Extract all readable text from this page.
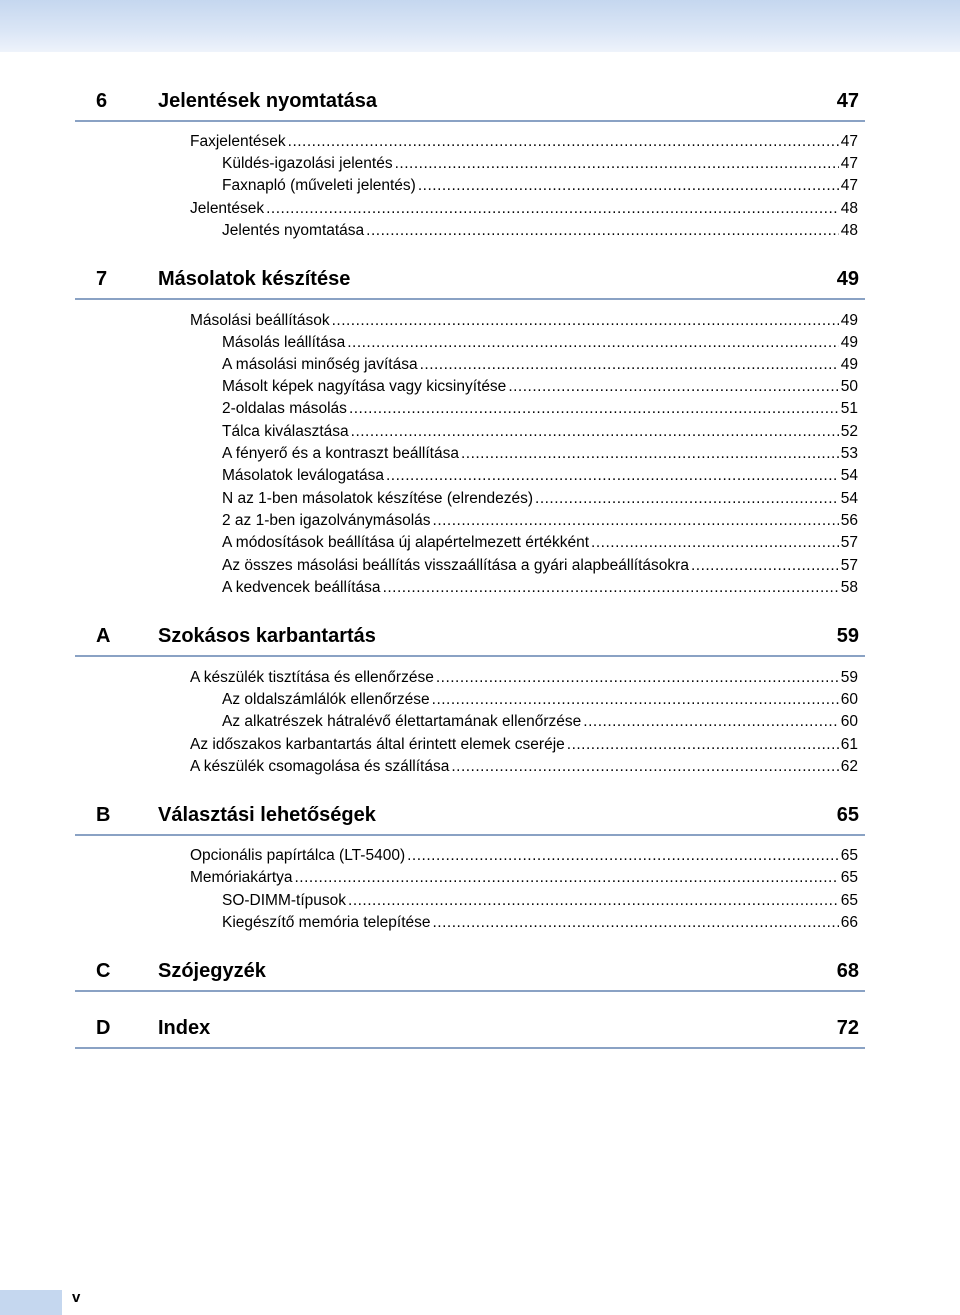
6	Jelentések nyomtatása	47
Faxjelentések .....	47
Küldés-igazolási jelentés .....	47
Faxnapló (műveleti jelentés) .....	47
Jelentések .....	48
Jelentés nyomtatása .....	48
7	Másolatok készítése	49
Másolási beállítások .....	49
Másolás leállítása .....	49
A másolási minőség javítása .....	49
Másolt képek nagyítása vagy kicsinyítése .....	50
2-oldalas másolás .....	51
Tálca kiválasztása .....	52
A fényerő és a kontraszt beállítása .....	53
Másolatok leválogatása .....	54
N az 1-ben másolatok készítése (elrendezés) .....	54
2 az 1-ben igazolványmásolás .....	56
A módosítások beállítása új alapértelmezett értékként .....	57
Az összes másolási beállítás visszaállítása a gyári alapbeállításokra .....	57
A kedvencek beállítása .....	58
A Szokásos karbantartás	59
A készülék tisztítása és ellenőrzése .....	59
Az oldalszámlálók ellenőrzése .....	60
Az alkatrészek hátralévő élettartamának ellenőrzése .....	60
Az időszakos karbantartás által érintett elemek cseréje .....	61
A készülék csomagolása és szállítása .....	62
B Választási lehetőségek	65
Opcionális papírtálca (LT-5400) .....	65
Memóriakártya .....	65
SO-DIMM-típusok .....	65
Kiegészítő memória telepítése .....	66
C Szójegyzék	68
D Index	72
v
